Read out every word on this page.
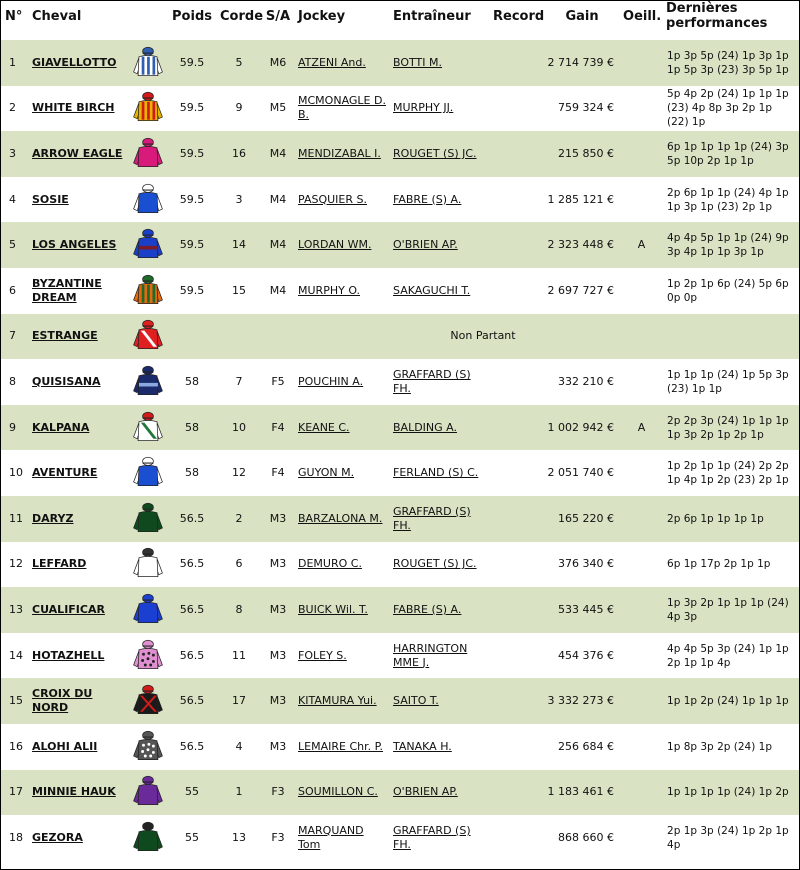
N°	Cheval		Poids	Corde	S/A	Jockey	Entraîneur	Record	Gain	Oeill.	Dernières performances	
1	GIAVELLOTTO		59.5	5	M6	ATZENI And.	BOTTI M.		2 714 739 €		1p 3p 5p (24) 1p 3p 1p 1p 5p 3p (23) 3p 5p 1p	
2	WHITE BIRCH		59.5	9	M5	MCMONAGLE D. B.	MURPHY JJ.		759 324 €		5p 4p 2p (24) 1p 1p 1p (23) 4p 8p 3p 2p 1p (22) 1p	
3	ARROW EAGLE		59.5	16	M4	MENDIZABAL I.	ROUGET (S) JC.		215 850 €		6p 1p 1p 1p 1p (24) 3p 5p 10p 2p 1p 1p	
4	SOSIE		59.5	3	M4	PASQUIER S.	FABRE (S) A.		1 285 121 €		2p 6p 1p 1p (24) 4p 1p 1p 3p 1p (23) 2p 1p	
5	LOS ANGELES		59.5	14	M4	LORDAN WM.	O'BRIEN AP.		2 323 448 €	A	4p 4p 5p 1p 1p (24) 9p 3p 4p 1p 1p 3p 1p	
6	BYZANTINE DREAM		59.5	15	M4	MURPHY O.	SAKAGUCHI T.		2 697 727 €		1p 2p 1p 6p (24) 5p 6p 0p 0p	
7	ESTRANGE		Non Partant									
8	QUISISANA		58	7	F5	POUCHIN A.	GRAFFARD (S) FH.		332 210 €		1p 1p 1p (24) 1p 5p 3p (23) 1p 1p	
9	KALPANA		58	10	F4	KEANE C.	BALDING A.		1 002 942 €	A	2p 2p 3p (24) 1p 1p 1p 1p 3p 2p 1p 2p 1p	
10	AVENTURE		58	12	F4	GUYON M.	FERLAND (S) C.		2 051 740 €		1p 2p 1p 1p (24) 2p 2p 1p 4p 1p 2p (23) 2p 1p	
11	DARYZ		56.5	2	M3	BARZALONA M.	GRAFFARD (S) FH.		165 220 €		2p 6p 1p 1p 1p 1p	
12	LEFFARD		56.5	6	M3	DEMURO C.	ROUGET (S) JC.		376 340 €		6p 1p 17p 2p 1p 1p	
13	CUALIFICAR		56.5	8	M3	BUICK Wil. T.	FABRE (S) A.		533 445 €		1p 3p 2p 1p 1p 1p (24) 4p 3p	
14	HOTAZHELL		56.5	11	M3	FOLEY S.	HARRINGTON MME J.		454 376 €		4p 4p 5p 3p (24) 1p 1p 2p 1p 1p 4p	
15	CROIX DU NORD		56.5	17	M3	KITAMURA Yui.	SAITO T.		3 332 273 €		1p 1p 2p (24) 1p 1p 1p	
16	ALOHI ALII		56.5	4	M3	LEMAIRE Chr. P.	TANAKA H.		256 684 €		1p 8p 3p 2p (24) 1p	
17	MINNIE HAUK		55	1	F3	SOUMILLON C.	O'BRIEN AP.		1 183 461 €		1p 1p 1p 1p (24) 1p 2p	
18	GEZORA		55	13	F3	MARQUAND Tom	GRAFFARD (S) FH.		868 660 €		2p 1p 3p (24) 1p 2p 1p 4p	
